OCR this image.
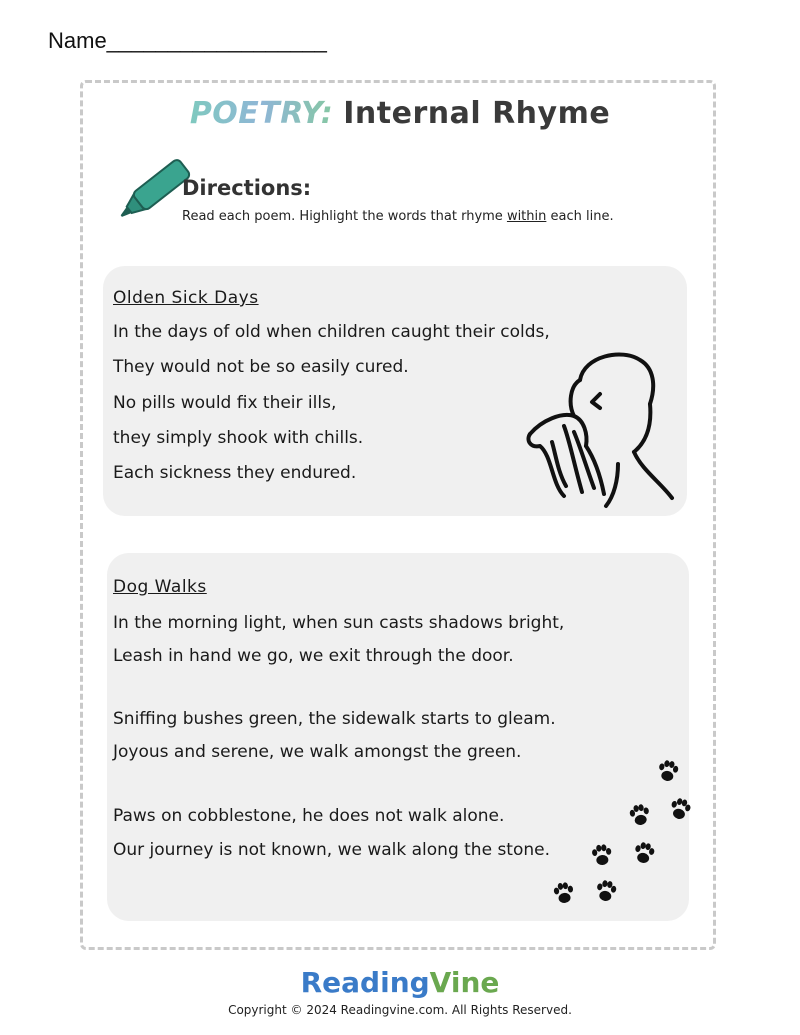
Name__________________
POETRY: Internal Rhyme
Directions:
Read each poem. Highlight the words that rhyme within each line.
Olden Sick Days
In the days of old when children caught their colds,
They would not be so easily cured.
No pills would fix their ills,
they simply shook with chills.
Each sickness they endured.
Dog Walks
In the morning light, when sun casts shadows bright,
Leash in hand we go, we exit through the door.
Sniffing bushes green, the sidewalk starts to gleam.
Joyous and serene, we walk amongst the green.
Paws on cobblestone, he does not walk alone.
Our journey is not known, we walk along the stone.
ReadingVine
Copyright © 2024 Readingvine.com. All Rights Reserved.
